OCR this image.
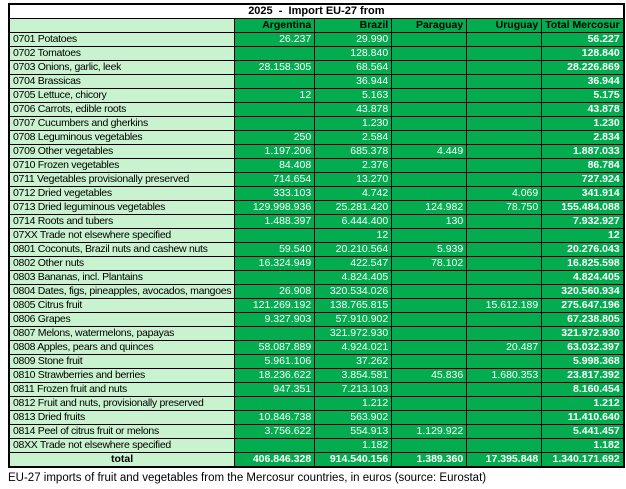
2025  -  Import EU-27 from					
	Argentina	Brazil	Paraguay	Uruguay	Total Mercosur
0701 Potatoes	26.237	29.990			56.227
0702 Tomatoes		128.840			128.840
0703 Onions, garlic, leek	28.158.305	68.564			28.226.869
0704 Brassicas		36.944			36.944
0705 Lettuce, chicory	12	5.163			5.175
0706 Carrots, edible roots		43.878			43.878
0707 Cucumbers and gherkins		1.230			1.230
0708 Leguminous vegetables	250	2.584			2.834
0709 Other vegetables	1.197.206	685.378	4.449		1.887.033
0710 Frozen vegetables	84.408	2.376			86.784
0711 Vegetables provisionally preserved	714.654	13.270			727.924
0712 Dried vegetables	333.103	4.742		4.069	341.914
0713 Dried leguminous vegetables	129.998.936	25.281.420	124.982	78.750	155.484.088
0714 Roots and tubers	1.488.397	6.444.400	130		7.932.927
07XX Trade not elsewhere specified		12			12
0801 Coconuts, Brazil nuts and cashew nuts	59.540	20.210.564	5.939		20.276.043
0802 Other nuts	16.324.949	422.547	78.102		16.825.598
0803 Bananas, incl. Plantains		4.824.405			4.824.405
0804 Dates, figs, pineapples, avocados, mangoes	26.908	320.534.026			320.560.934
0805 Citrus fruit	121.269.192	138.765.815		15.612.189	275.647.196
0806 Grapes	9.327.903	57.910.902			67.238.805
0807 Melons, watermelons, papayas		321.972.930			321.972.930
0808 Apples, pears and quinces	58.087.889	4.924.021		20.487	63.032.397
0809 Stone fruit	5.961.106	37.262			5.998.368
0810 Strawberries and berries	18.236.622	3.854.581	45.836	1.680.353	23.817.392
0811 Frozen fruit and nuts	947.351	7.213.103			8.160.454
0812 Fruit and nuts, provisionally preserved		1.212			1.212
0813 Dried fruits	10.846.738	563.902			11.410.640
0814 Peel of citrus fruit or melons	3.756.622	554.913	1.129.922		5.441.457
08XX Trade not elsewhere specified		1.182			1.182
total	406.846.328	914.540.156	1.389.360	17.395.848	1.340.171.692
EU-27 imports of fruit and vegetables from the Mercosur countries, in euros (source: Eurostat)
